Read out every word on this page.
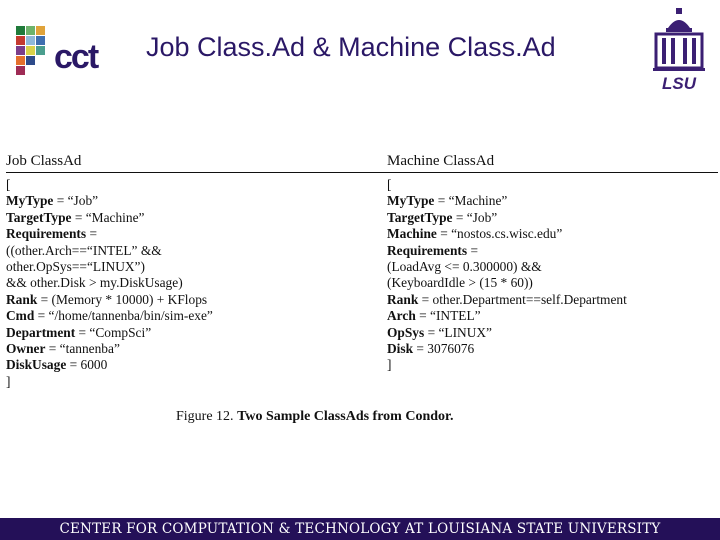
cct Job Class.Ad & Machine Class.Ad
LSU
Job ClassAd
[
MyType = “Job”
TargetType = “Machine”
Requirements =
((other.Arch==“INTEL” &&
other.OpSys==“LINUX”)
&& other.Disk > my.DiskUsage)
Rank = (Memory * 10000) + KFlops
Cmd = “/home/tannenba/bin/sim-exe”
Department = “CompSci”
Owner = “tannenba”
DiskUsage = 6000
]
Machine ClassAd
[
MyType = “Machine”
TargetType = “Job”
Machine = “nostos.cs.wisc.edu”
Requirements =
(LoadAvg <= 0.300000) &&
(KeyboardIdle > (15 * 60))
Rank = other.Department==self.Department
Arch = “INTEL”
OpSys = “LINUX”
Disk = 3076076
]
Figure 12. Two Sample ClassAds from Condor.
CENTER FOR COMPUTATION & TECHNOLOGY AT LOUISIANA STATE UNIVERSITY
